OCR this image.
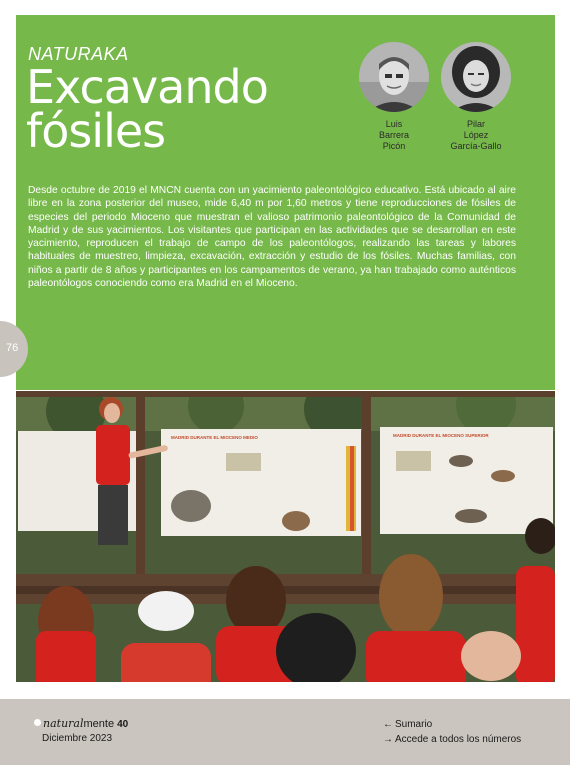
NATURAKA
Excavando
fósiles	Luis
Barrera
Picón
Pilar
López
García-Gallo
Desde octubre de 2019 el MNCN cuenta con un yacimiento paleontológico educativo. Está ubicado al aire libre en la zona posterior del museo, mide 6,40 m por 1,60 metros y tiene reproducciones de fósiles de especies del periodo Mioceno que muestran el valioso patrimonio paleontológico de la Comunidad de Madrid y de sus yacimientos. Los visitantes que participan en las actividades que se desarrollan en este yacimiento, reproducen el trabajo de campo de los paleontólogos, realizando las tareas y labores habituales de muestreo, limpieza, excavación, extracción y estudio de los fósiles. Muchas familias, con niños a partir de 8 años y participantes en los campamentos de verano, ya han trabajado como auténticos paleontólogos conociendo como era Madrid en el Mioceno.
76
MADRID DURANTE EL MIOCENO MEDIO	MADRID DURANTE EL MIOCENO SUPERIOR
naturalmente 40
Diciembre 2023
← Sumario
→ Accede a todos los números
